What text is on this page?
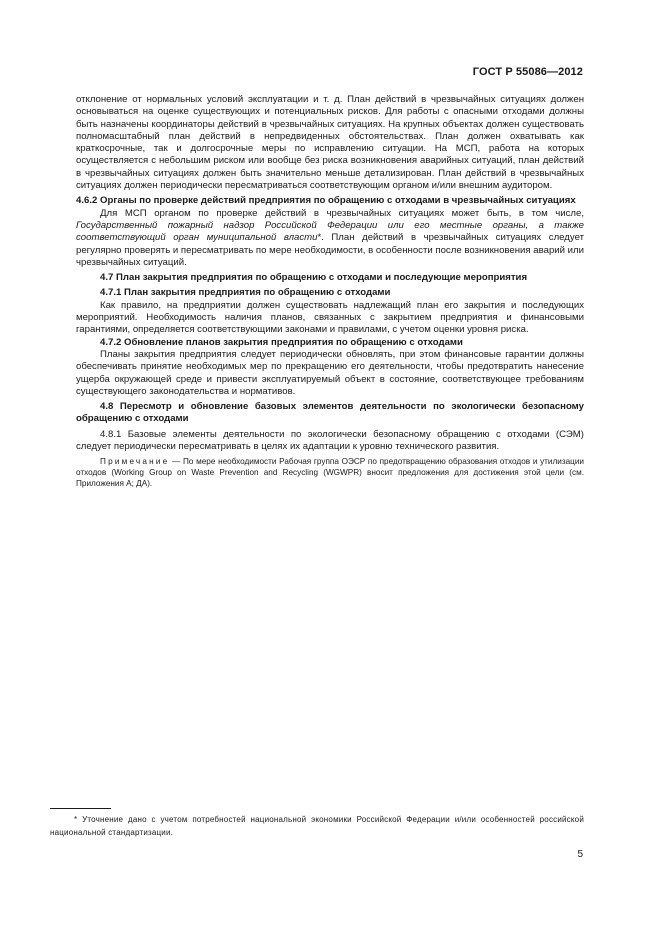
ГОСТ Р 55086—2012

отклонение от нормальных условий эксплуатации и т. д. План действий в чрезвычайных ситуациях должен основываться на оценке существующих и потенциальных рисков. Для работы с опасными отходами должны быть назначены координаторы действий в чрезвычайных ситуациях. На крупных объектах должен существовать полномасштабный план действий в непредвиденных обстоятельствах. План должен охватывать как краткосрочные, так и долгосрочные меры по исправлению ситуации. На МСП, работа на которых осуществляется с небольшим риском или вообще без риска возникновения аварийных ситуаций, план действий в чрезвычайных ситуациях должен быть значительно меньше детализирован. План действий в чрезвычайных ситуациях должен периодически пересматриваться соответствующим органом и/или внешним аудитором.

4.6.2 Органы по проверке действий предприятия по обращению с отходами в чрезвычайных ситуациях

Для МСП органом по проверке действий в чрезвычайных ситуациях может быть, в том числе, Государственный пожарный надзор Российской Федерации или его местные органы, а также соответствующий орган муниципальной власти*. План действий в чрезвычайных ситуациях следует регулярно проверять и пересматривать по мере необходимости, в особенности после возникновения аварий или чрезвычайных ситуаций.

4.7 План закрытия предприятия по обращению с отходами и последующие мероприятия

4.7.1 План закрытия предприятия по обращению с отходами

Как правило, на предприятии должен существовать надлежащий план его закрытия и последующих мероприятий. Необходимость наличия планов, связанных с закрытием предприятия и финансовыми гарантиями, определяется соответствующими законами и правилами, с учетом оценки уровня риска.

4.7.2 Обновление планов закрытия предприятия по обращению с отходами

Планы закрытия предприятия следует периодически обновлять, при этом финансовые гарантии должны обеспечивать принятие необходимых мер по прекращению его деятельности, чтобы предотвратить нанесение ущерба окружающей среде и привести эксплуатируемый объект в состояние, соответствующее требованиям существующего законодательства и нормативов.

4.8 Пересмотр и обновление базовых элементов деятельности по экологически безопасному обращению с отходами

4.8.1 Базовые элементы деятельности по экологически безопасному обращению с отходами (СЭМ) следует периодически пересматривать в целях их адаптации к уровню технического развития.

Примечание — По мере необходимости Рабочая группа ОЭСР по предотвращению образования отходов и утилизации отходов (Working Group on Waste Prevention and Recycling (WGWPR) вносит предложения для достижения этой цели (см. Приложения А; ДА).

* Уточнение дано с учетом потребностей национальной экономики Российской Федерации и/или особенностей российской национальной стандартизации.

5
